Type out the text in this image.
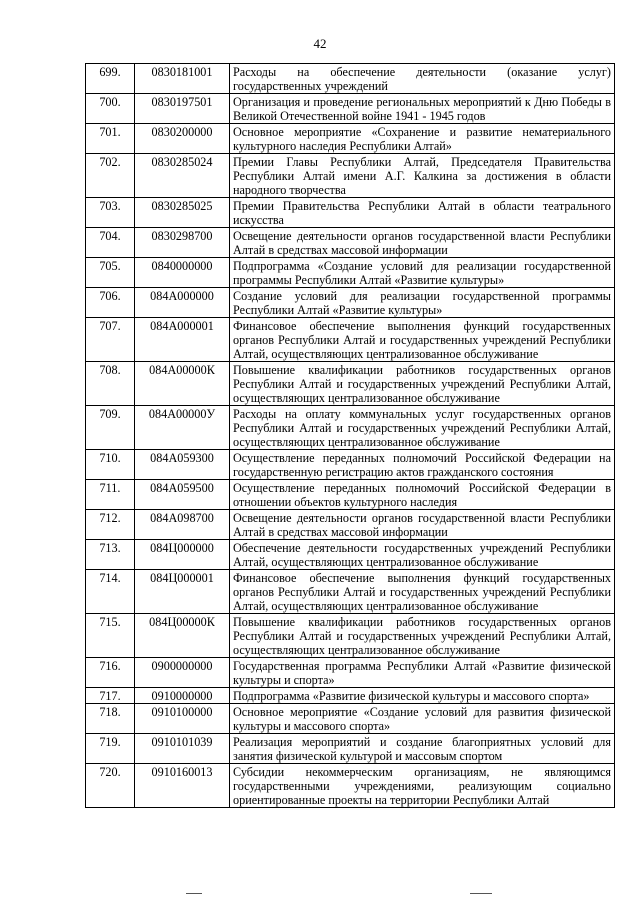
42
699.	0830181001	Расходы на обеспечение деятельности (оказание услуг) государственных учреждений
700.	0830197501	Организация и проведение региональных мероприятий к Дню Победы в Великой Отечественной войне 1941 - 1945 годов
701.	0830200000	Основное мероприятие «Сохранение и развитие нематериального культурного наследия Республики Алтай»
702.	0830285024	Премии Главы Республики Алтай, Председателя Правительства Республики Алтай имени А.Г. Калкина за достижения в области народного творчества
703.	0830285025	Премии Правительства Республики Алтай в области театрального искусства
704.	0830298700	Освещение деятельности органов государственной власти Республики Алтай в средствах массовой информации
705.	0840000000	Подпрограмма «Создание условий для реализации государственной программы Республики Алтай «Развитие культуры»
706.	084А000000	Создание условий для реализации государственной программы Республики Алтай «Развитие культуры»
707.	084А000001	Финансовое обеспечение выполнения функций государственных органов Республики Алтай и государственных учреждений Республики Алтай, осуществляющих централизованное обслуживание
708.	084А00000К	Повышение квалификации работников государственных органов Республики Алтай и государственных учреждений Республики Алтай, осуществляющих централизованное обслуживание
709.	084А00000У	Расходы на оплату коммунальных услуг государственных органов Республики Алтай и государственных учреждений Республики Алтай, осуществляющих централизованное обслуживание
710.	084А059300	Осуществление переданных полномочий Российской Федерации на государственную регистрацию актов гражданского состояния
711.	084А059500	Осуществление переданных полномочий Российской Федерации в отношении объектов культурного наследия
712.	084А098700	Освещение деятельности органов государственной власти Республики Алтай в средствах массовой информации
713.	084Ц000000	Обеспечение деятельности государственных учреждений Республики Алтай, осуществляющих централизованное обслуживание
714.	084Ц000001	Финансовое обеспечение выполнения функций государственных органов Республики Алтай и государственных учреждений Республики Алтай, осуществляющих централизованное обслуживание
715.	084Ц00000К	Повышение квалификации работников государственных органов Республики Алтай и государственных учреждений Республики Алтай, осуществляющих централизованное обслуживание
716.	0900000000	Государственная программа Республики Алтай «Развитие физической культуры и спорта»
717.	0910000000	Подпрограмма «Развитие физической культуры и массового спорта»
718.	0910100000	Основное мероприятие «Создание условий для развития физической культуры и массового спорта»
719.	0910101039	Реализация мероприятий и создание благоприятных условий для занятия физической культурой и массовым спортом
720.	0910160013	Субсидии некоммерческим организациям, не являющимся государственными учреждениями, реализующим социально ориентированные проекты на территории Республики Алтай
